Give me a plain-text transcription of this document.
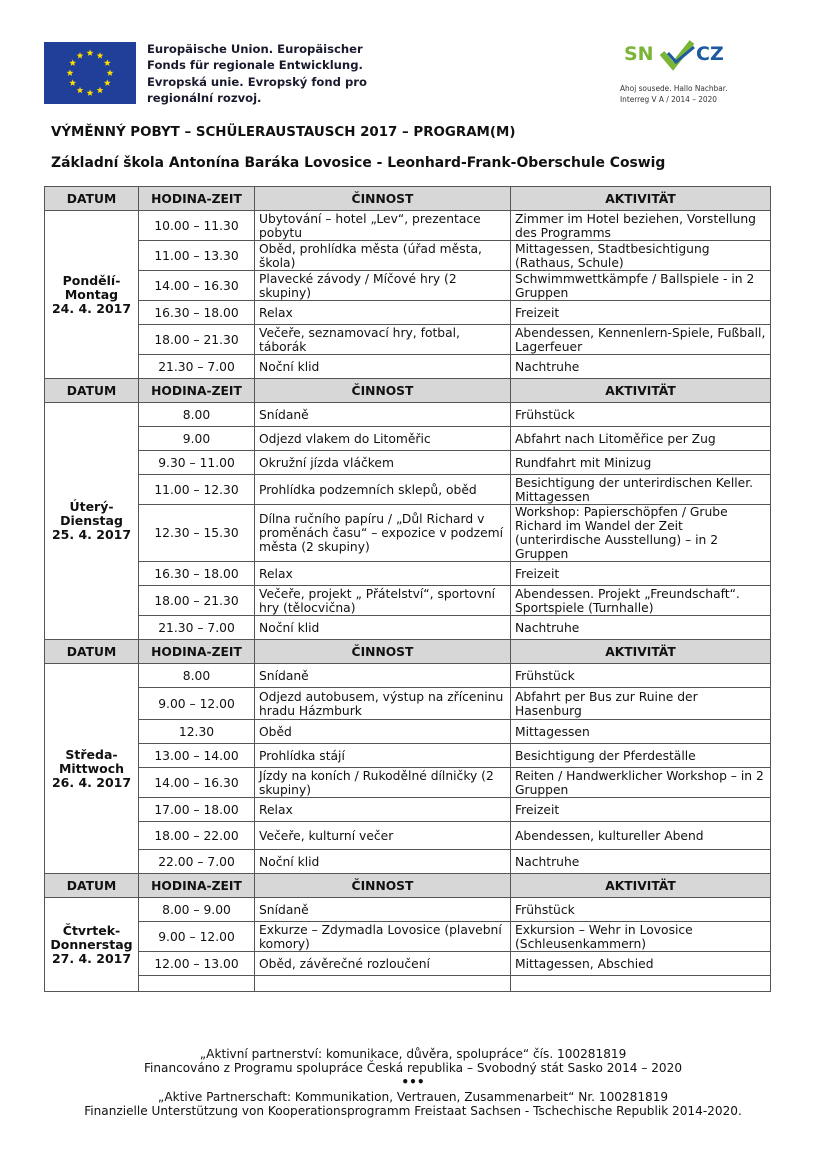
Europäische Union. Europäischer
Fonds für regionale Entwicklung.
Evropská unie. Evropský fond pro
regionální rozvoj.
SN CZ
Ahoj sousede. Hallo Nachbar.
Interreg V A / 2014 – 2020
VÝMĚNNÝ POBYT – SCHÜLERAUSTAUSCH 2017 – PROGRAM(M)
Základní škola Antonína Baráka Lovosice - Leonhard-Frank-Oberschule Coswig
DATUM	HODINA-ZEIT	ČINNOST	AKTIVITÄT

Pondělí-Montag
24. 4. 2017	10.00 – 11.30	Ubytování – hotel „Lev“, prezentace pobytu	Zimmer im Hotel beziehen, Vorstellung des Programms
	11.00 – 13.30	Oběd, prohlídka města (úřad města, škola)	Mittagessen, Stadtbesichtigung (Rathaus, Schule)
	14.00 – 16.30	Plavecké závody / Míčové hry (2 skupiny)	Schwimmwettkämpfe / Ballspiele - in 2 Gruppen
	16.30 – 18.00	Relax	Freizeit
	18.00 – 21.30	Večeře, seznamovací hry, fotbal, táborák	Abendessen, Kennenlern-Spiele, Fußball, Lagerfeuer
	21.30 – 7.00	Noční klid	Nachtruhe
DATUM	HODINA-ZEIT	ČINNOST	AKTIVITÄT

Úterý-Dienstag
25. 4. 2017	8.00	Snídaně	Frühstück
	9.00	Odjezd vlakem do Litoměřic	Abfahrt nach Litoměřice per Zug
	9.30 – 11.00	Okružní jízda vláčkem	Rundfahrt mit Minizug
	11.00 – 12.30	Prohlídka podzemních sklepů, oběd	Besichtigung der unterirdischen Keller. Mittagessen
	12.30 – 15.30	Dílna ručního papíru / „Důl Richard v proměnách času“ – expozice v podzemí města (2 skupiny)	Workshop: Papierschöpfen / Grube Richard im Wandel der Zeit (unterirdische Ausstellung) – in 2 Gruppen
	16.30 – 18.00	Relax	Freizeit
	18.00 – 21.30	Večeře, projekt „ Přátelství“, sportovní hry (tělocvična)	Abendessen. Projekt „Freundschaft“. Sportspiele (Turnhalle)
	21.30 – 7.00	Noční klid	Nachtruhe
DATUM	HODINA-ZEIT	ČINNOST	AKTIVITÄT

Středa-Mittwoch
26. 4. 2017	8.00	Snídaně	Frühstück
	9.00 – 12.00	Odjezd autobusem, výstup na zříceninu hradu Házmburk	Abfahrt per Bus zur Ruine der Hasenburg
	12.30	Oběd	Mittagessen
	13.00 – 14.00	Prohlídka stájí	Besichtigung der Pferdeställe
	14.00 – 16.30	Jízdy na koních / Rukodělné dílničky (2 skupiny)	Reiten / Handwerklicher Workshop – in 2 Gruppen
	17.00 – 18.00	Relax	Freizeit
	18.00 – 22.00	Večeře, kulturní večer	Abendessen, kultureller Abend
	22.00 – 7.00	Noční klid	Nachtruhe
DATUM	HODINA-ZEIT	ČINNOST	AKTIVITÄT

Čtvrtek-Donnerstag
27. 4. 2017	8.00 – 9.00	Snídaně	Frühstück
	9.00 – 12.00	Exkurze – Zdymadla Lovosice (plavební komory)	Exkursion – Wehr in Lovosice (Schleusenkammern)
	12.00 – 13.00	Oběd, závěrečné rozloučení	Mittagessen, Abschied

„Aktivní partnerství: komunikace, důvěra, spolupráce“ čís. 100281819
Financováno z Programu spolupráce Česká republika – Svobodný stát Sasko 2014 – 2020
•••
„Aktive Partnerschaft: Kommunikation, Vertrauen, Zusammenarbeit“ Nr. 100281819
Finanzielle Unterstützung von Kooperationsprogramm Freistaat Sachsen - Tschechische Republik 2014-2020.
